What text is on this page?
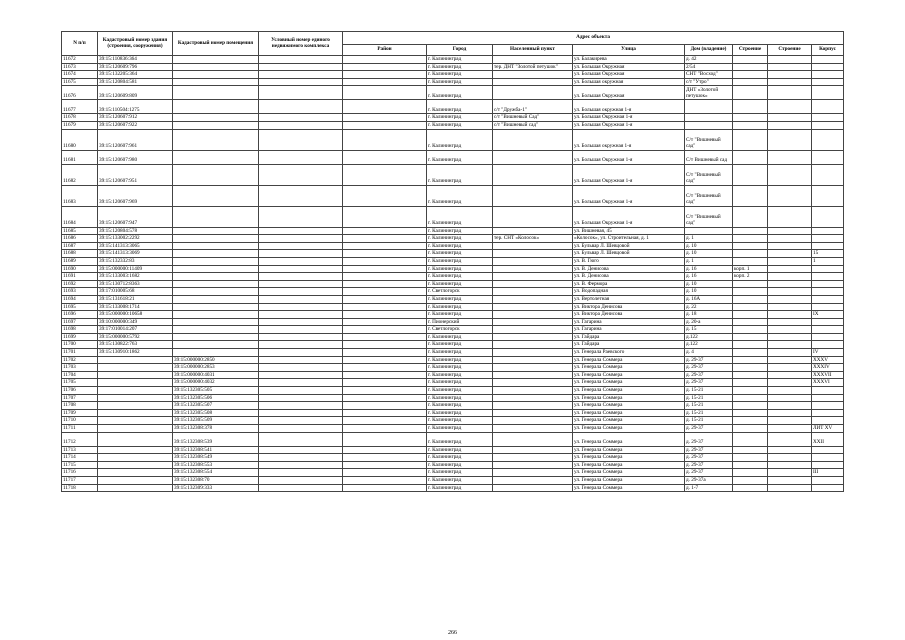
N п/п	Кадастровый номер здания (строения, сооружения)	Кадастровый номер помещения	Условный номер единого недвижимого комплекса	Адрес объекта							
				Район	Город	Населенный пункт	Улица	Дом (владение)	Строение	Строение	Корпус
11672	39:15:110836:364				г. Калининград		ул. Балакирева	д. 42			
11673	39:15:120609:796				г. Калининград	тер. ДНТ "Золотой петушок"	ул. Большая Окружная	2/54			
11674	39:15:132205:364				г. Калининград		ул. Большая Окружная	СНТ "Восход"			
11675	39:15:120804:581				г. Калининград		ул. Большая окружная	с/т "Утро"			
11676	39:15:120609:809				г. Калининград		ул. Большая Окружная	ДНТ «Золотой петушок»			
11677	39:15:110504:1275				г. Калининград	с/т "Дружба-1"	ул. Большая окружная 1-я				
11678	39:15:120607:912				г. Калининград	с/т "Вишневый Сад"	ул. Большая Окружная 1-я				
11679	39:15:120607:922				г. Калининград	с/т "Вишневый сад"	ул. Большая Окружная 1-я				
11680	39:15:120607:961				г. Калининград		ул. Большая окружная 1-я	С/т "Вишневый сад"			
11681	39:15:120607:980				г. Калининград		ул. Большая Окружная 1-я	С/т Вишневый сад			
11682	39:15:120607:951				г. Калининград		ул. Большая Окружная 1-я	С/т "Вишневый сад"			
11683	39:15:120607:969				г. Калининград		ул. Большая Окружная 1-я	С/т "Вишневый сад"			
11684	39:15:120607:947				г. Калининград		ул. Большая Окружная 1-я	С/т "Вишневый сад"			
11685	39:15:120804:578				г. Калининград		ул. Вишневая, 45				
11686	39:15:133002:2292				г. Калининград	тер. СНТ «Колосок»	«Колосок», ул. Строительная, д. 1	д. 1			
11687	39:15:141313:3065				г. Калининград		ул. Бульвар Л. Шевцовой	д. 10			
11688	39:15:141313:3069				г. Калининград		ул. Бульвар Л. Шевцовой	д. 10			15
11689	39:15:132332:83				г. Калининград		ул. В. Гюго	д. 1			1
11690	39:15:000000:11409				г. Калининград		ул. В. Денисова	д. 16	корп. 1		
11691	39:15:133003:1682				г. Калининград		ул. В. Денисова	д. 16	корп. 2		
11692	39:15:130712:8363				г. Калининград		ул. В. Фермора	д. 10			
11693	39:17:010005:68				г. Светлогорск		ул. Водопадная	д. 10			
11694	39:15:131618:21				г. Калининград		ул. Вертолетная	д. 16А			
11695	39:15:133008:1714				г. Калининград		ул. Виктора Денисова	д. 22			
11696	39:15:000000:10658				г. Калининград		ул. Виктора Денисова	д. 18			IX
11697	39:10:000000:349				г. Пионерский		ул. Гагарина	д. 20-а			
11698	39:17:010014:207				г. Светлогорск		ул. Гагарина	д. 15			
11699	39:15:000000:5792				г. Калининград		ул. Гайдара	д.122			
11700	39:15:130822:763				г. Калининград		ул. Гайдара	д.122			
11701	39:15:130910:1862				г. Калининград		ул. Генерала Раевского	д. 4			IV
11702		39:15:000000:2850			г. Калининград		ул. Генерала Соммера	д. 29-37			XXXV
11703		39:15:000000:2853			г. Калининград		ул. Генерала Соммера	д. 29-37			XXXIV
11704		39:15:000000:4031			г. Калининград		ул. Генерала Соммера	д. 29-37			XXXVII
11705		39:15:000000:4032			г. Калининград		ул. Генерала Соммера	д. 29-37			XXXVI
11706		39:15:132305:505			г. Калининград		ул. Генерала Соммера	д. 15-21			
11707		39:15:132305:506			г. Калининград		ул. Генерала Соммера	д. 15-21			
11708		39:15:132305:507			г. Калининград		ул. Генерала Соммера	д. 15-21			
11709		39:15:132305:508			г. Калининград		ул. Генерала Соммера	д. 15-21			
11710		39:15:132305:509			г. Калининград		ул. Генерала Соммера	д. 15-21			
11711		39:15:132308:378			г. Калининград		ул. Генерала Соммера	д. 29-37			ЛИТ XV
11712		39:15:132308:539			г. Калининград		ул. Генерала Соммера	д. 29-37			XXII
11713		39:15:132308:541			г. Калининград		ул. Генерала Соммера	д. 29-37			
11714		39:15:132308:549			г. Калининград		ул. Генерала Соммера	д. 29-37			
11715		39:15:132308:553			г. Калининград		ул. Генерала Соммера	д. 29-37			
11716		39:15:132308:554			г. Калининград		ул. Генерала Соммера	д. 29-37			III
11717		39:15:132308:70			г. Калининград		ул. Генерала Соммера	д. 29-37а			
11718		39:15:132309:333			г. Калининград		ул. Генерала Соммера	д. 1-7			
266
